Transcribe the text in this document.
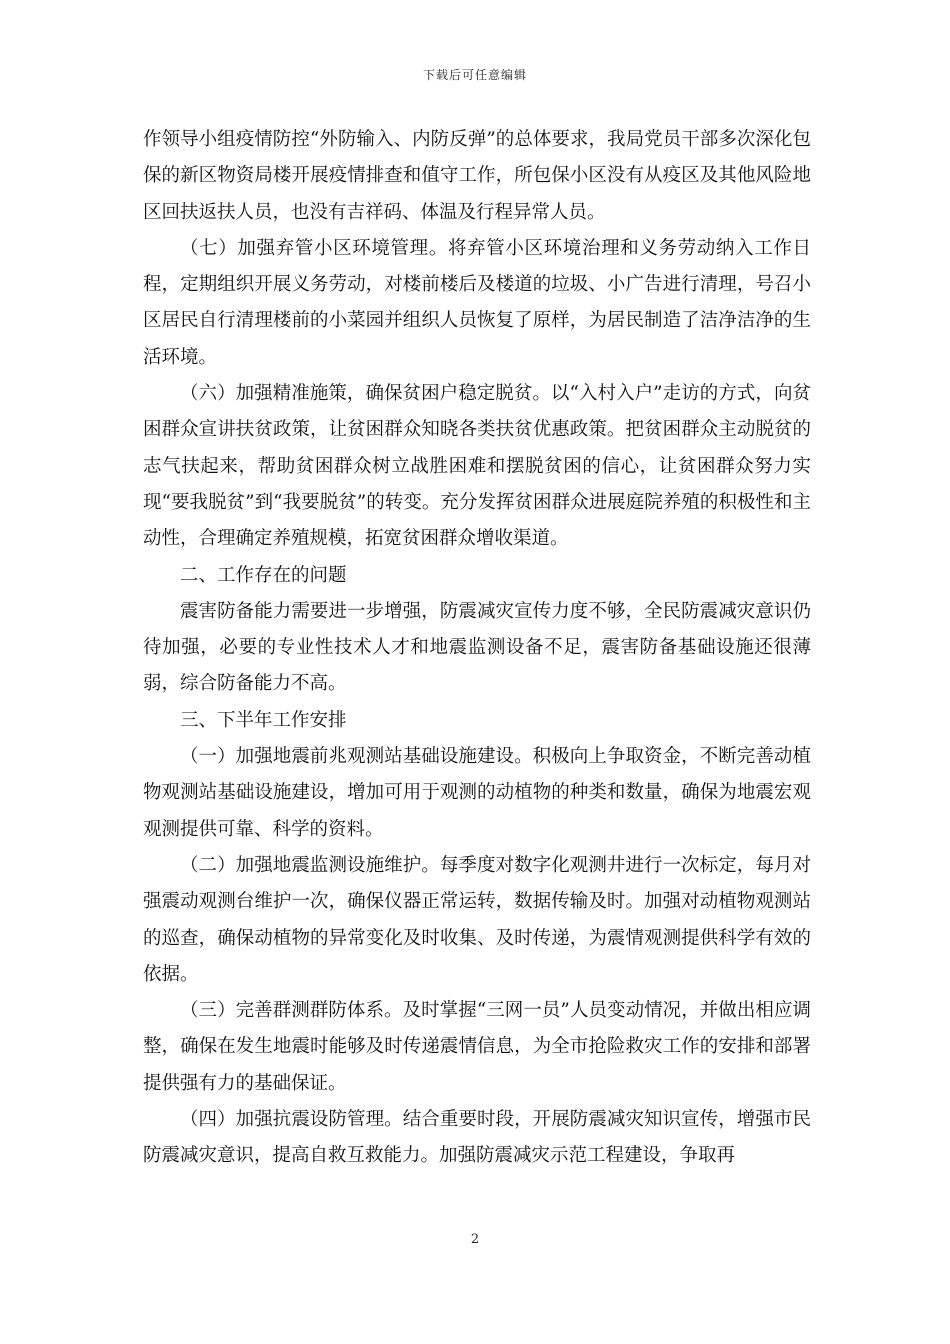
下载后可任意编辑

作领导小组疫情防控“外防输入、内防反弹”的总体要求，我局党员干部多次深化包保的新区物资局楼开展疫情排查和值守工作，所包保小区没有从疫区及其他风险地区回扶返扶人员，也没有吉祥码、体温及行程异常人员。

（七）加强弃管小区环境管理。将弃管小区环境治理和义务劳动纳入工作日程，定期组织开展义务劳动，对楼前楼后及楼道的垃圾、小广告进行清理，号召小区居民自行清理楼前的小菜园并组织人员恢复了原样，为居民制造了洁净洁净的生活环境。

（六）加强精准施策，确保贫困户稳定脱贫。以“入村入户”走访的方式，向贫困群众宣讲扶贫政策，让贫困群众知晓各类扶贫优惠政策。把贫困群众主动脱贫的志气扶起来，帮助贫困群众树立战胜困难和摆脱贫困的信心，让贫困群众努力实现“要我脱贫”到“我要脱贫”的转变。充分发挥贫困群众进展庭院养殖的积极性和主动性，合理确定养殖规模，拓宽贫困群众增收渠道。

二、工作存在的问题

震害防备能力需要进一步增强，防震减灾宣传力度不够，全民防震减灾意识仍待加强，必要的专业性技术人才和地震监测设备不足，震害防备基础设施还很薄弱，综合防备能力不高。

三、下半年工作安排

（一）加强地震前兆观测站基础设施建设。积极向上争取资金，不断完善动植物观测站基础设施建设，增加可用于观测的动植物的种类和数量，确保为地震宏观观测提供可靠、科学的资料。

（二）加强地震监测设施维护。每季度对数字化观测井进行一次标定，每月对强震动观测台维护一次，确保仪器正常运转，数据传输及时。加强对动植物观测站的巡查，确保动植物的异常变化及时收集、及时传递，为震情观测提供科学有效的依据。

（三）完善群测群防体系。及时掌握“三网一员”人员变动情况，并做出相应调整，确保在发生地震时能够及时传递震情信息，为全市抢险救灾工作的安排和部署提供强有力的基础保证。

（四）加强抗震设防管理。结合重要时段，开展防震减灾知识宣传，增强市民防震减灾意识，提高自救互救能力。加强防震减灾示范工程建设，争取再

2
